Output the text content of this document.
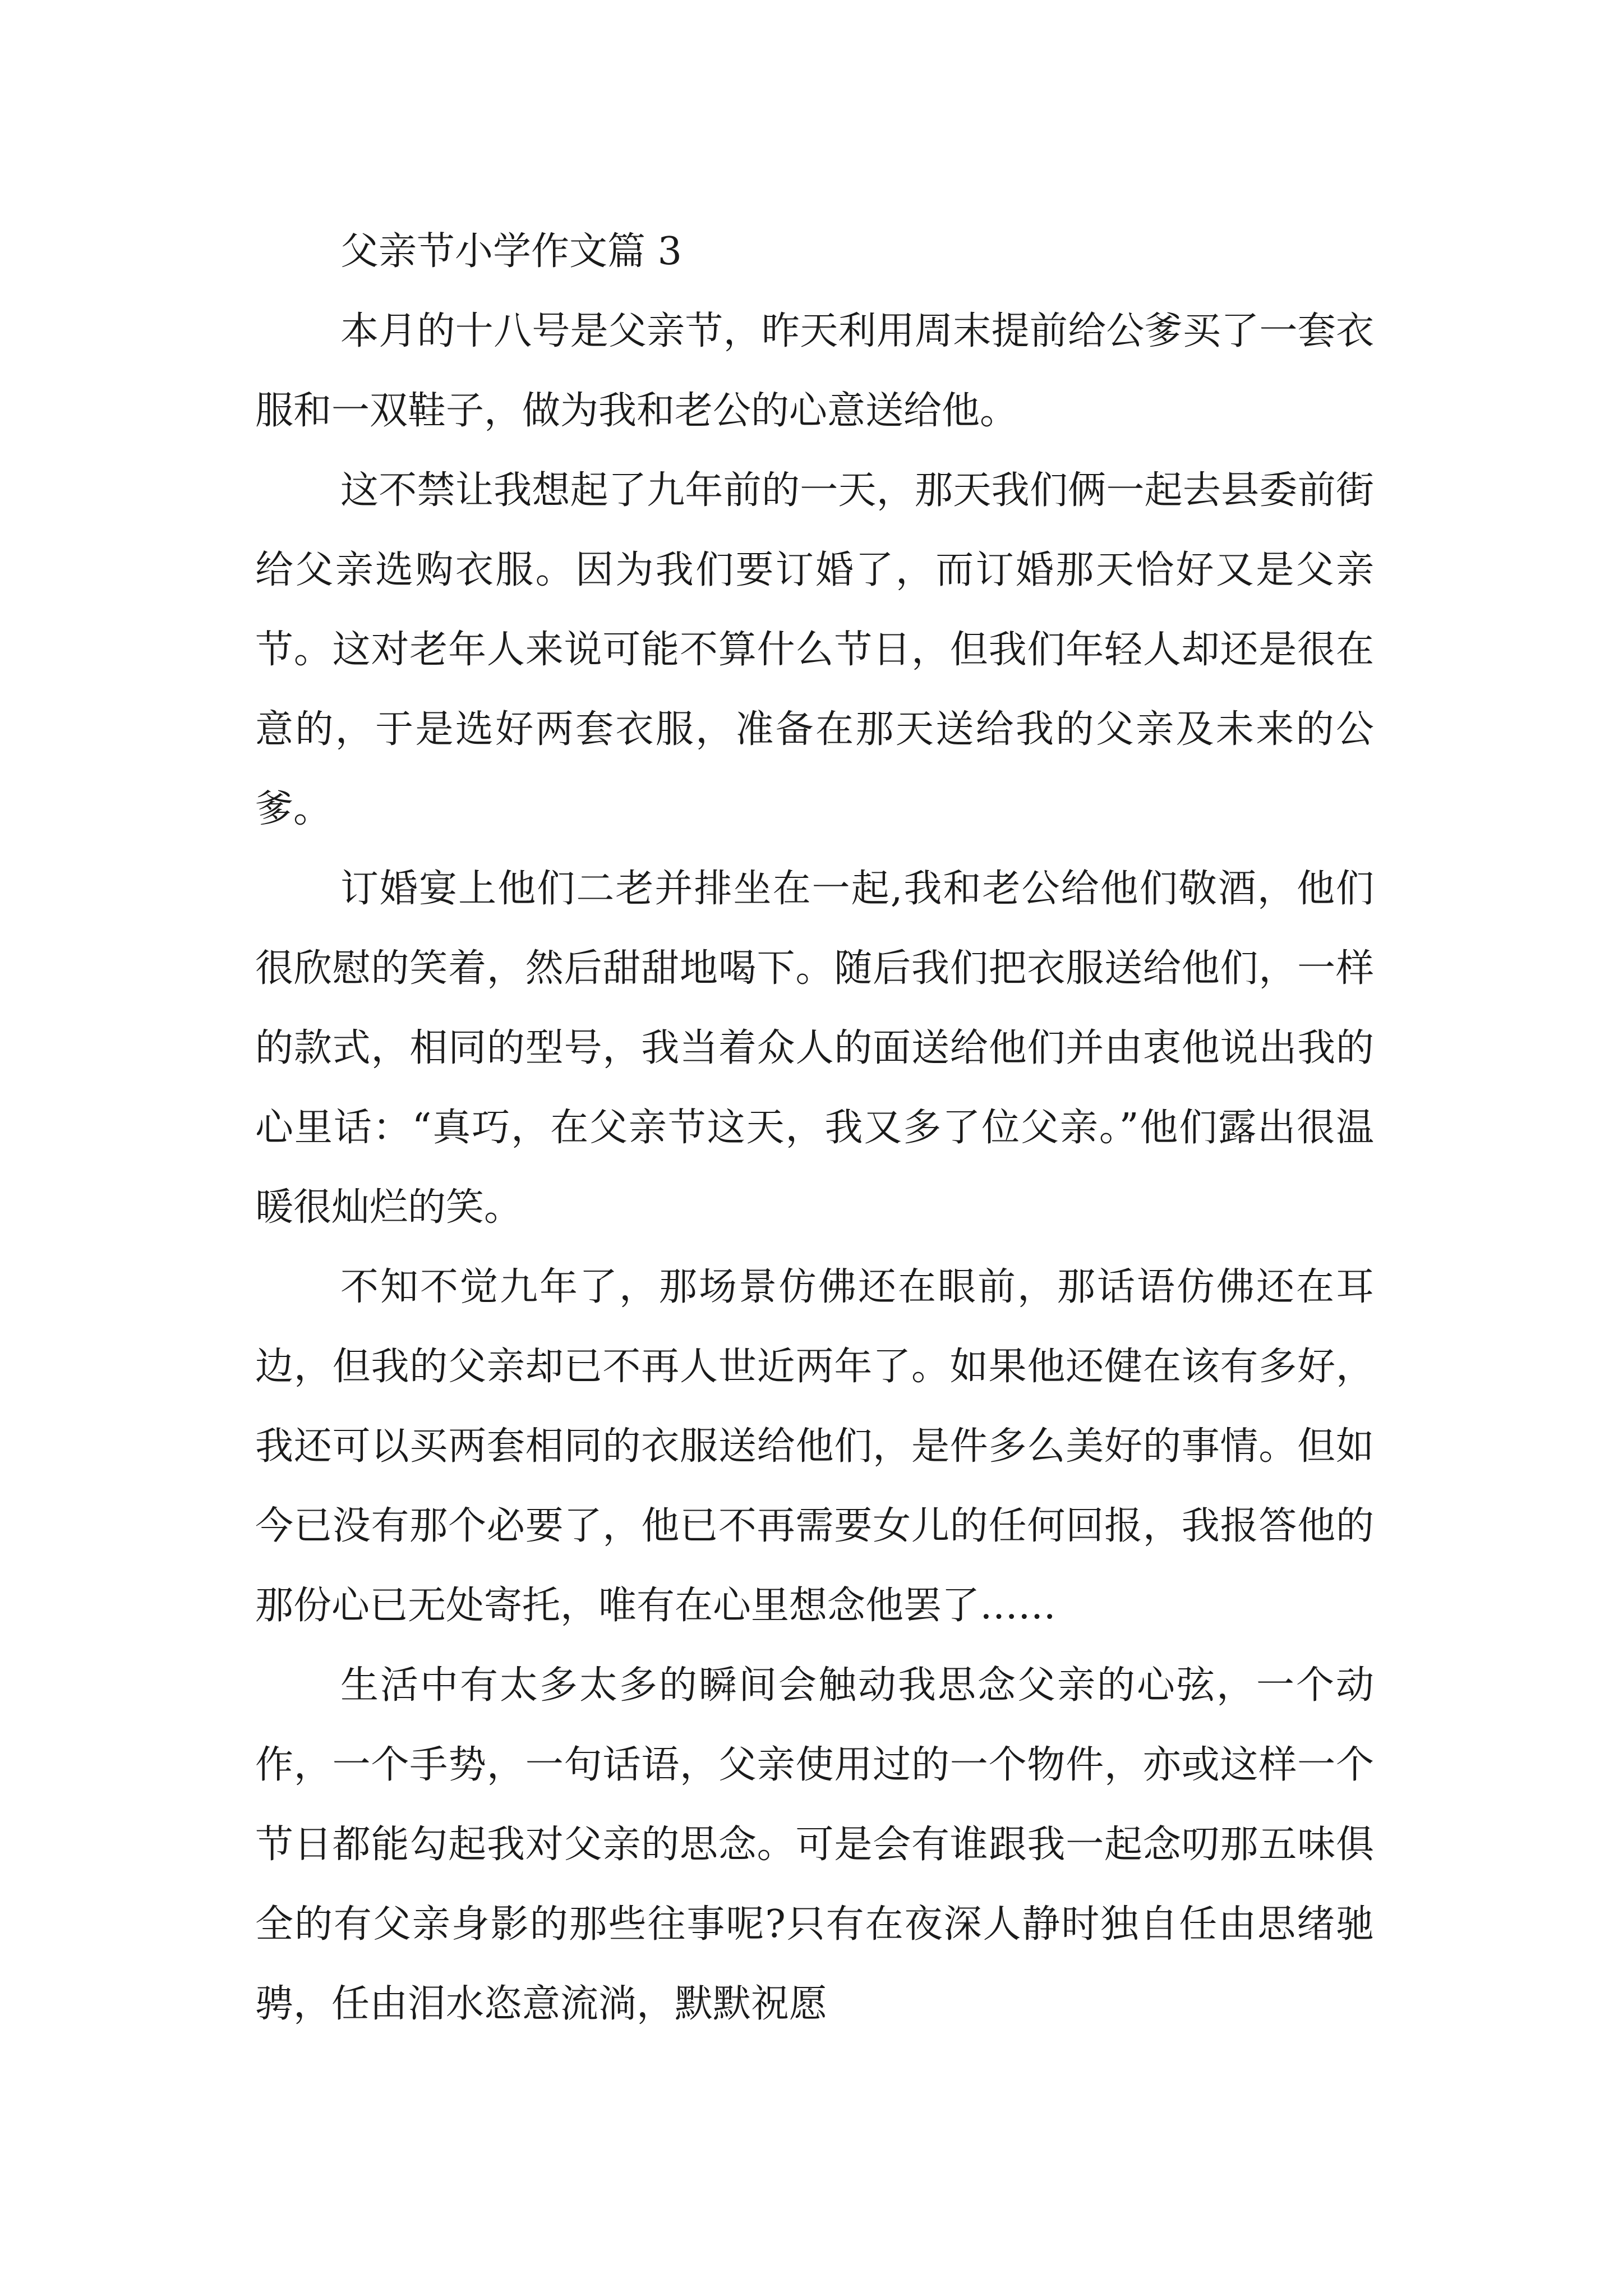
父亲节小学作文篇 3

本月的十八号是父亲节，昨天利用周末提前给公爹买了一套衣服和一双鞋子，做为我和老公的心意送给他。

这不禁让我想起了九年前的一天，那天我们俩一起去县委前街给父亲选购衣服。因为我们要订婚了，而订婚那天恰好又是父亲节。这对老年人来说可能不算什么节日，但我们年轻人却还是很在意的，于是选好两套衣服，准备在那天送给我的父亲及未来的公爹。

订婚宴上他们二老并排坐在一起,我和老公给他们敬酒，他们很欣慰的笑着，然后甜甜地喝下。随后我们把衣服送给他们，一样的款式，相同的型号，我当着众人的面送给他们并由衷他说出我的心里话：“真巧，在父亲节这天，我又多了位父亲。”他们露出很温暖很灿烂的笑。

不知不觉九年了，那场景仿佛还在眼前，那话语仿佛还在耳边，但我的父亲却已不再人世近两年了。如果他还健在该有多好，我还可以买两套相同的衣服送给他们，是件多么美好的事情。但如今已没有那个必要了，他已不再需要女儿的任何回报，我报答他的那份心已无处寄托，唯有在心里想念他罢了……

生活中有太多太多的瞬间会触动我思念父亲的心弦，一个动作，一个手势，一句话语，父亲使用过的一个物件，亦或这样一个节日都能勾起我对父亲的思念。可是会有谁跟我一起念叨那五味俱全的有父亲身影的那些往事呢?只有在夜深人静时独自任由思绪驰骋，任由泪水恣意流淌，默默祝愿
